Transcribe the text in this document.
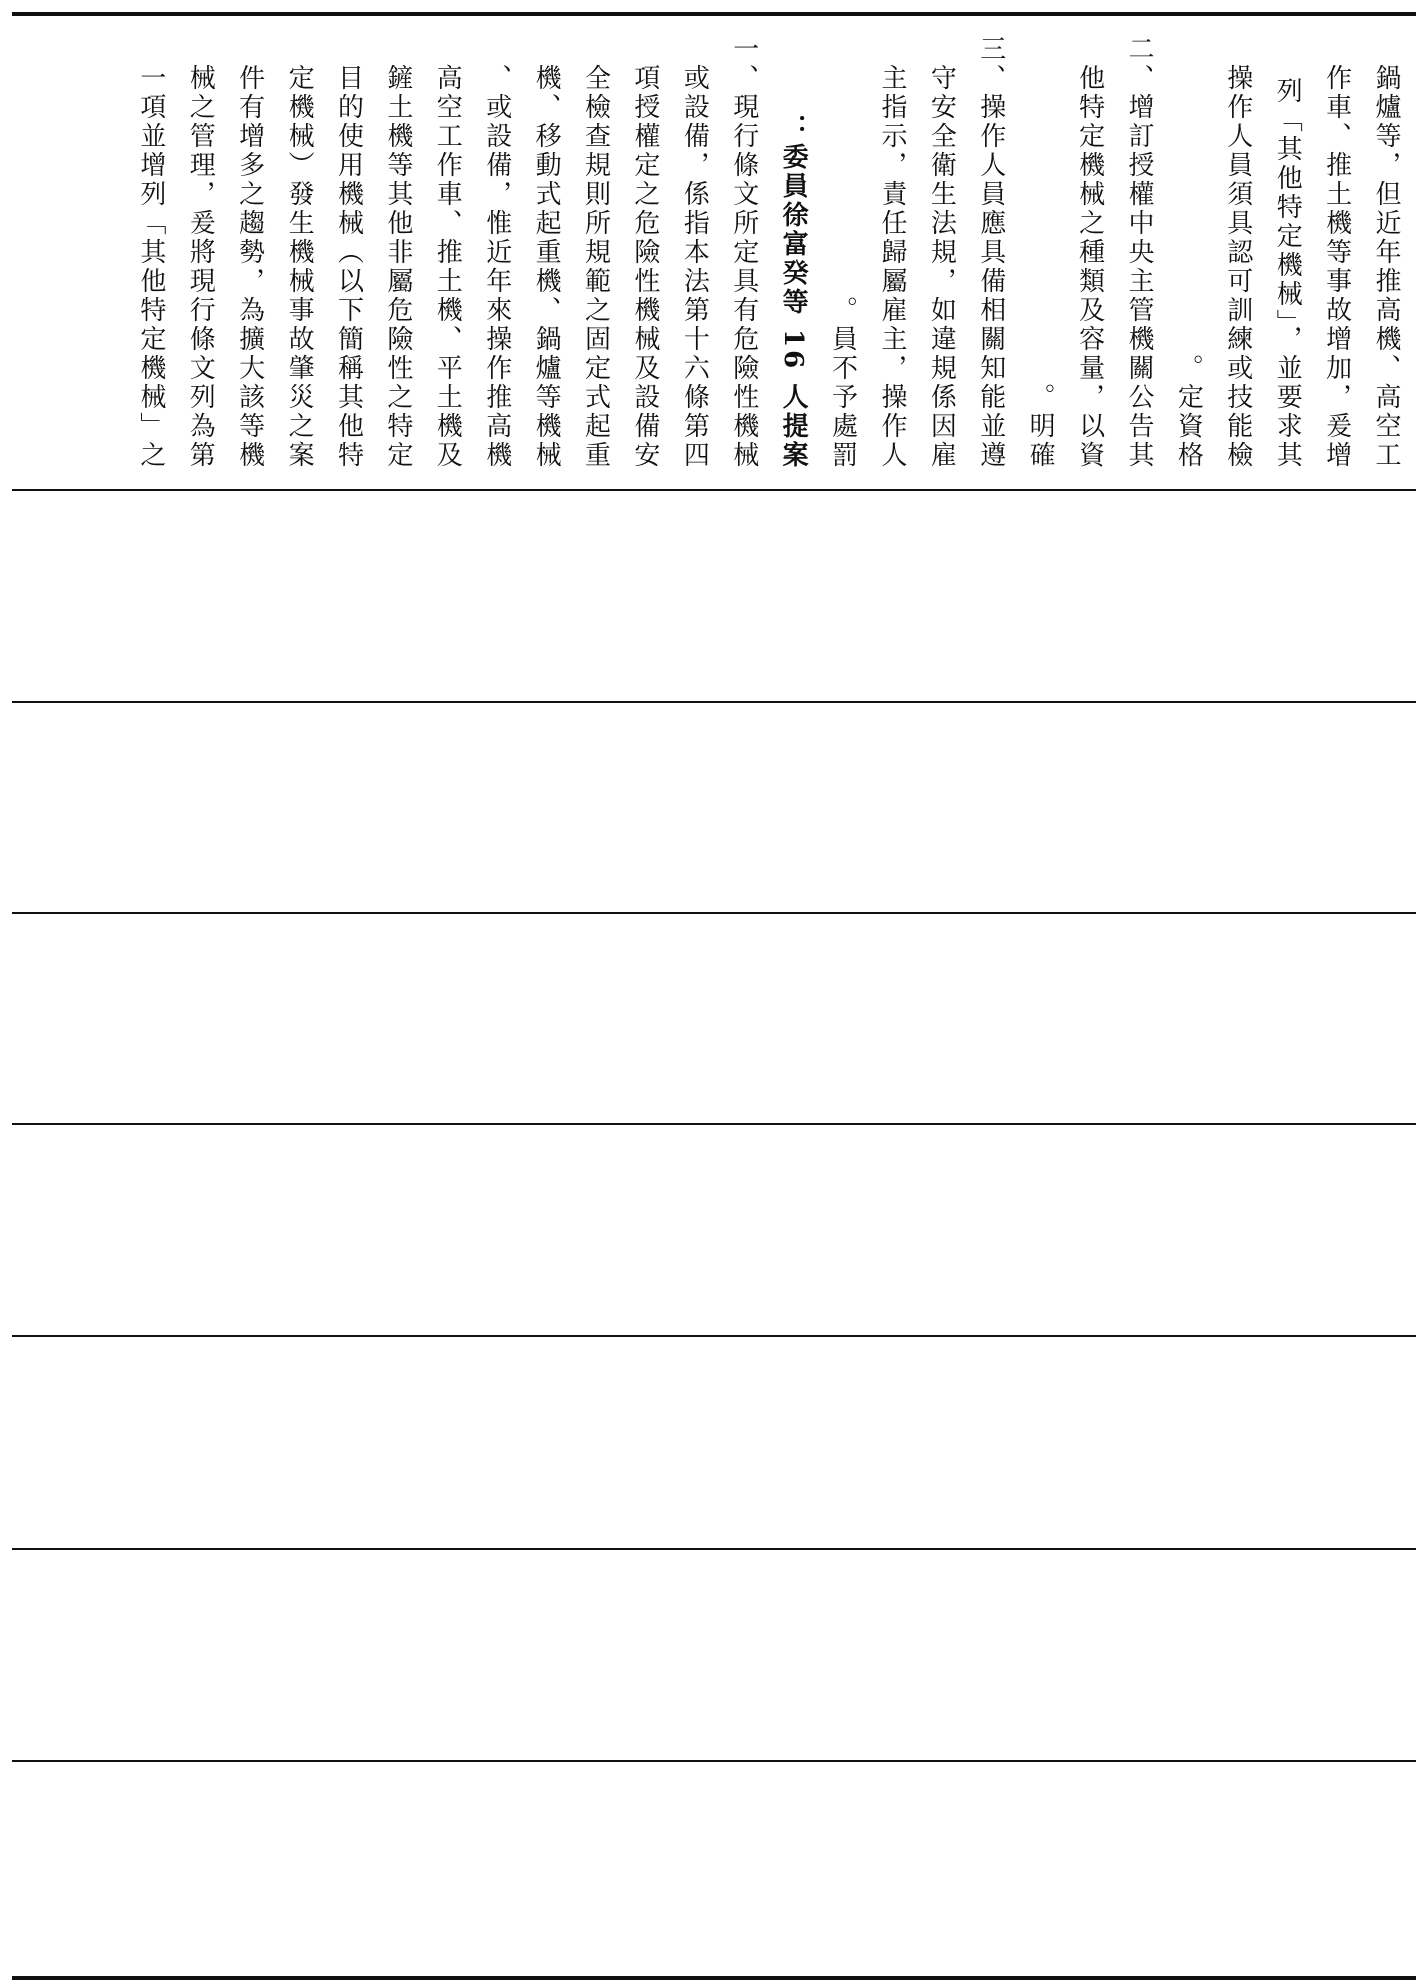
鍋爐等，但近年推高機、高空工
作車、推土機等事故增加，爰增
列「其他特定機械」，並要求其
操作人員須具認可訓練或技能檢
定資格。
二、增訂授權中央主管機關公告其
他特定機械之種類及容量，以資
明確。
三、操作人員應具備相關知能並遵
守安全衛生法規，如違規係因雇
主指示，責任歸屬雇主，操作人
員不予處罰。
委員徐富癸等 16 人提案：
一、現行條文所定具有危險性機械
或設備，係指本法第十六條第四
項授權定之危險性機械及設備安
全檢查規則所規範之固定式起重
機、移動式起重機、鍋爐等機械
或設備，惟近年來操作推高機、
高空工作車、推土機、平土機及
鏟土機等其他非屬危險性之特定
目的使用機械（以下簡稱其他特
定機械）發生機械事故肇災之案
件有增多之趨勢，為擴大該等機
械之管理，爰將現行條文列為第
一項並增列「其他特定機械」之
